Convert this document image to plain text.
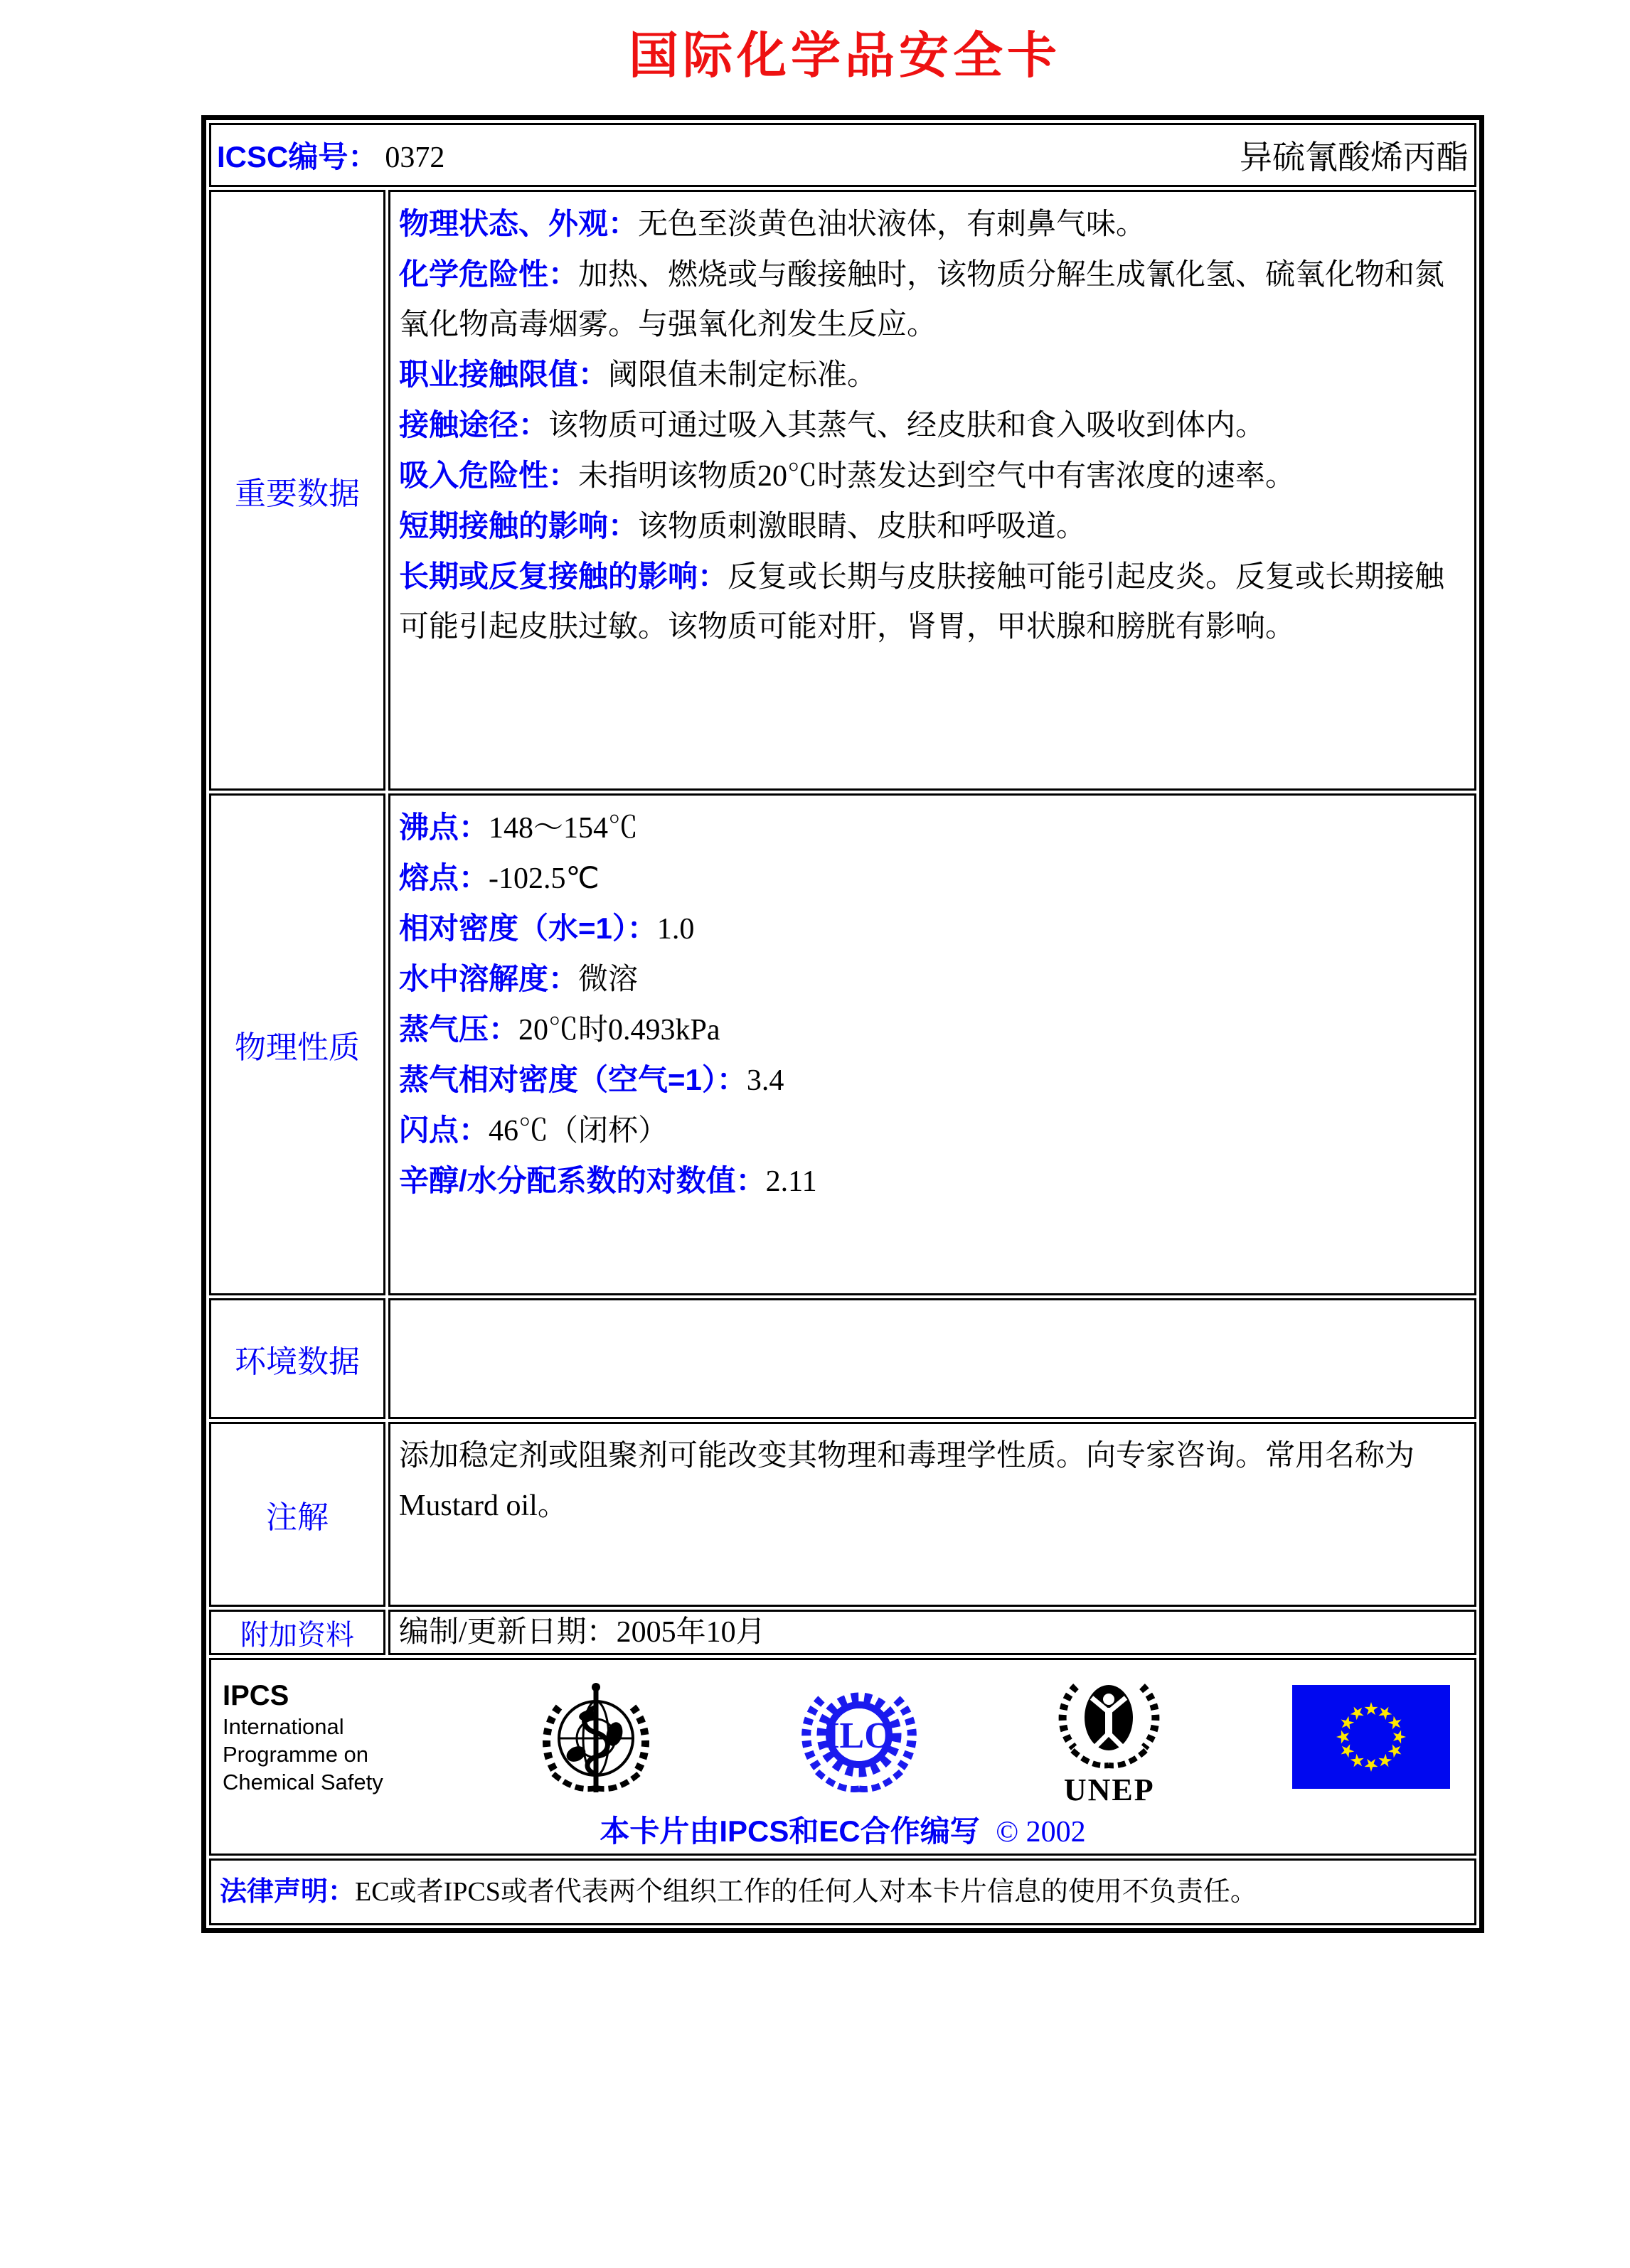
国际化学品安全卡
ICSC编号： 0372	异硫氰酸烯丙酯
重要数据

物理状态、外观：无色至淡黄色油状液体，有刺鼻气味。

化学危险性：加热、燃烧或与酸接触时，该物质分解生成氰化氢、硫氧化物和氮氧化物高毒烟雾。与强氧化剂发生反应。

职业接触限值：阈限值未制定标准。

接触途径：该物质可通过吸入其蒸气、经皮肤和食入吸收到体内。

吸入危险性：未指明该物质20℃时蒸发达到空气中有害浓度的速率。

短期接触的影响：该物质刺激眼睛、皮肤和呼吸道。

长期或反复接触的影响：反复或长期与皮肤接触可能引起皮炎。反复或长期接触可能引起皮肤过敏。该物质可能对肝，肾胃，甲状腺和膀胱有影响。

物理性质

沸点：148～154℃

熔点：-102.5℃

相对密度（水=1）：1.0

水中溶解度：微溶

蒸气压：20℃时0.493kPa

蒸气相对密度（空气=1）：3.4

闪点：46℃（闭杯）

辛醇/水分配系数的对数值：2.11

环境数据
注解

添加稳定剂或阻聚剂可能改变其物理和毒理学性质。向专家咨询。常用名称为Mustard oil。

附加资料	编制/更新日期：2005年10月
IPCS
International
Programme on
Chemical Safety
ILO
UNEP
本卡片由IPCS和EC合作编写 © 2002

法律声明：EC或者IPCS或者代表两个组织工作的任何人对本卡片信息的使用不负责任。
